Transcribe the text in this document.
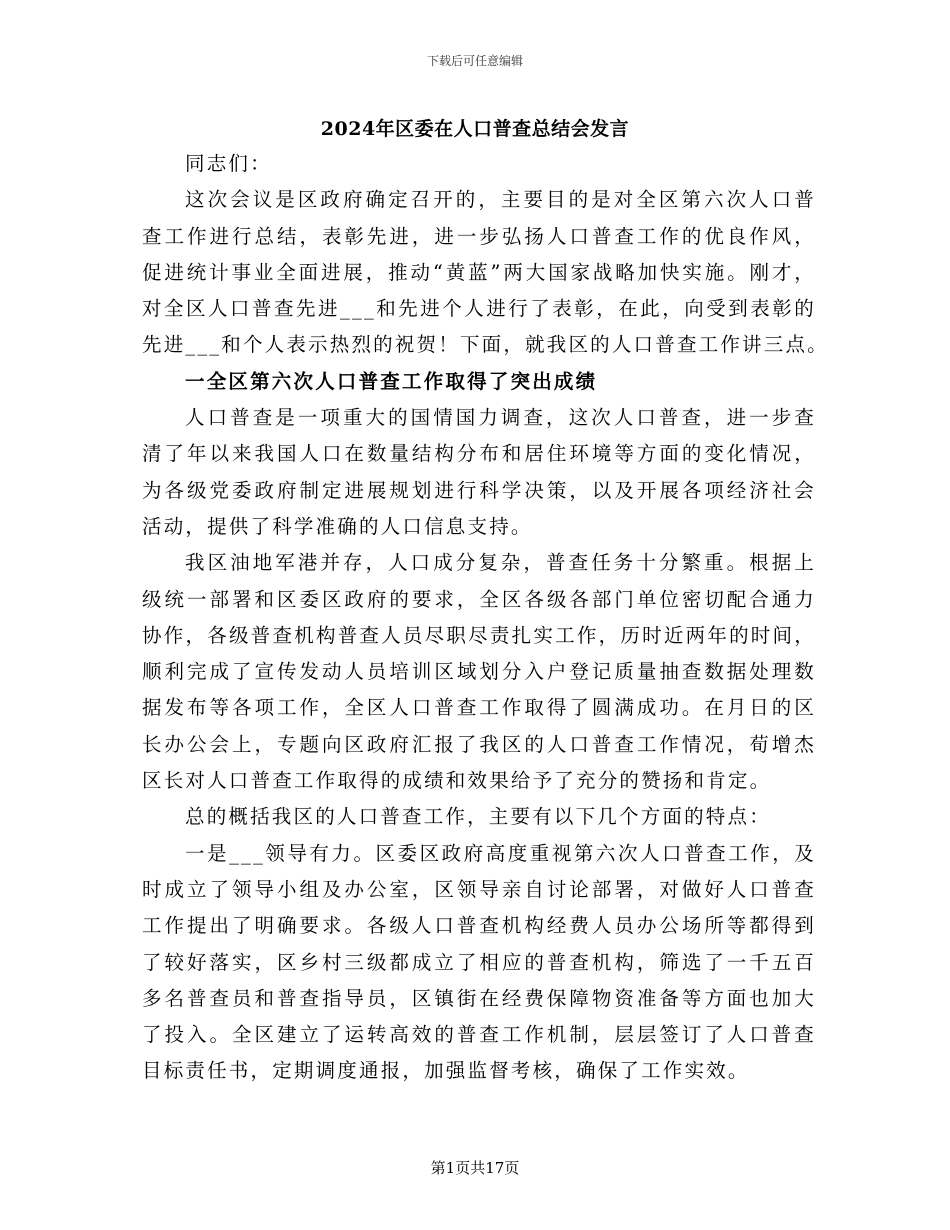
下载后可任意编辑
2024年区委在人口普查总结会发言
同志们：
这次会议是区政府确定召开的，主要目的是对全区第六次人口普
查工作进行总结，表彰先进，进一步弘扬人口普查工作的优良作风，
促进统计事业全面进展，推动“黄蓝”两大国家战略加快实施。刚才，
对全区人口普查先进___和先进个人进行了表彰，在此，向受到表彰的
先进___和个人表示热烈的祝贺！下面，就我区的人口普查工作讲三点。
一全区第六次人口普查工作取得了突出成绩
人口普查是一项重大的国情国力调查，这次人口普查，进一步查
清了年以来我国人口在数量结构分布和居住环境等方面的变化情况，
为各级党委政府制定进展规划进行科学决策，以及开展各项经济社会
活动，提供了科学准确的人口信息支持。
我区油地军港并存，人口成分复杂，普查任务十分繁重。根据上
级统一部署和区委区政府的要求，全区各级各部门单位密切配合通力
协作，各级普查机构普查人员尽职尽责扎实工作，历时近两年的时间，
顺利完成了宣传发动人员培训区域划分入户登记质量抽查数据处理数
据发布等各项工作，全区人口普查工作取得了圆满成功。在月日的区
长办公会上，专题向区政府汇报了我区的人口普查工作情况，荀增杰
区长对人口普查工作取得的成绩和效果给予了充分的赞扬和肯定。
总的概括我区的人口普查工作，主要有以下几个方面的特点：
一是___领导有力。区委区政府高度重视第六次人口普查工作，及
时成立了领导小组及办公室，区领导亲自讨论部署，对做好人口普查
工作提出了明确要求。各级人口普查机构经费人员办公场所等都得到
了较好落实，区乡村三级都成立了相应的普查机构，筛选了一千五百
多名普查员和普查指导员，区镇街在经费保障物资准备等方面也加大
了投入。全区建立了运转高效的普查工作机制，层层签订了人口普查
目标责任书，定期调度通报，加强监督考核，确保了工作实效。
第1页共17页
